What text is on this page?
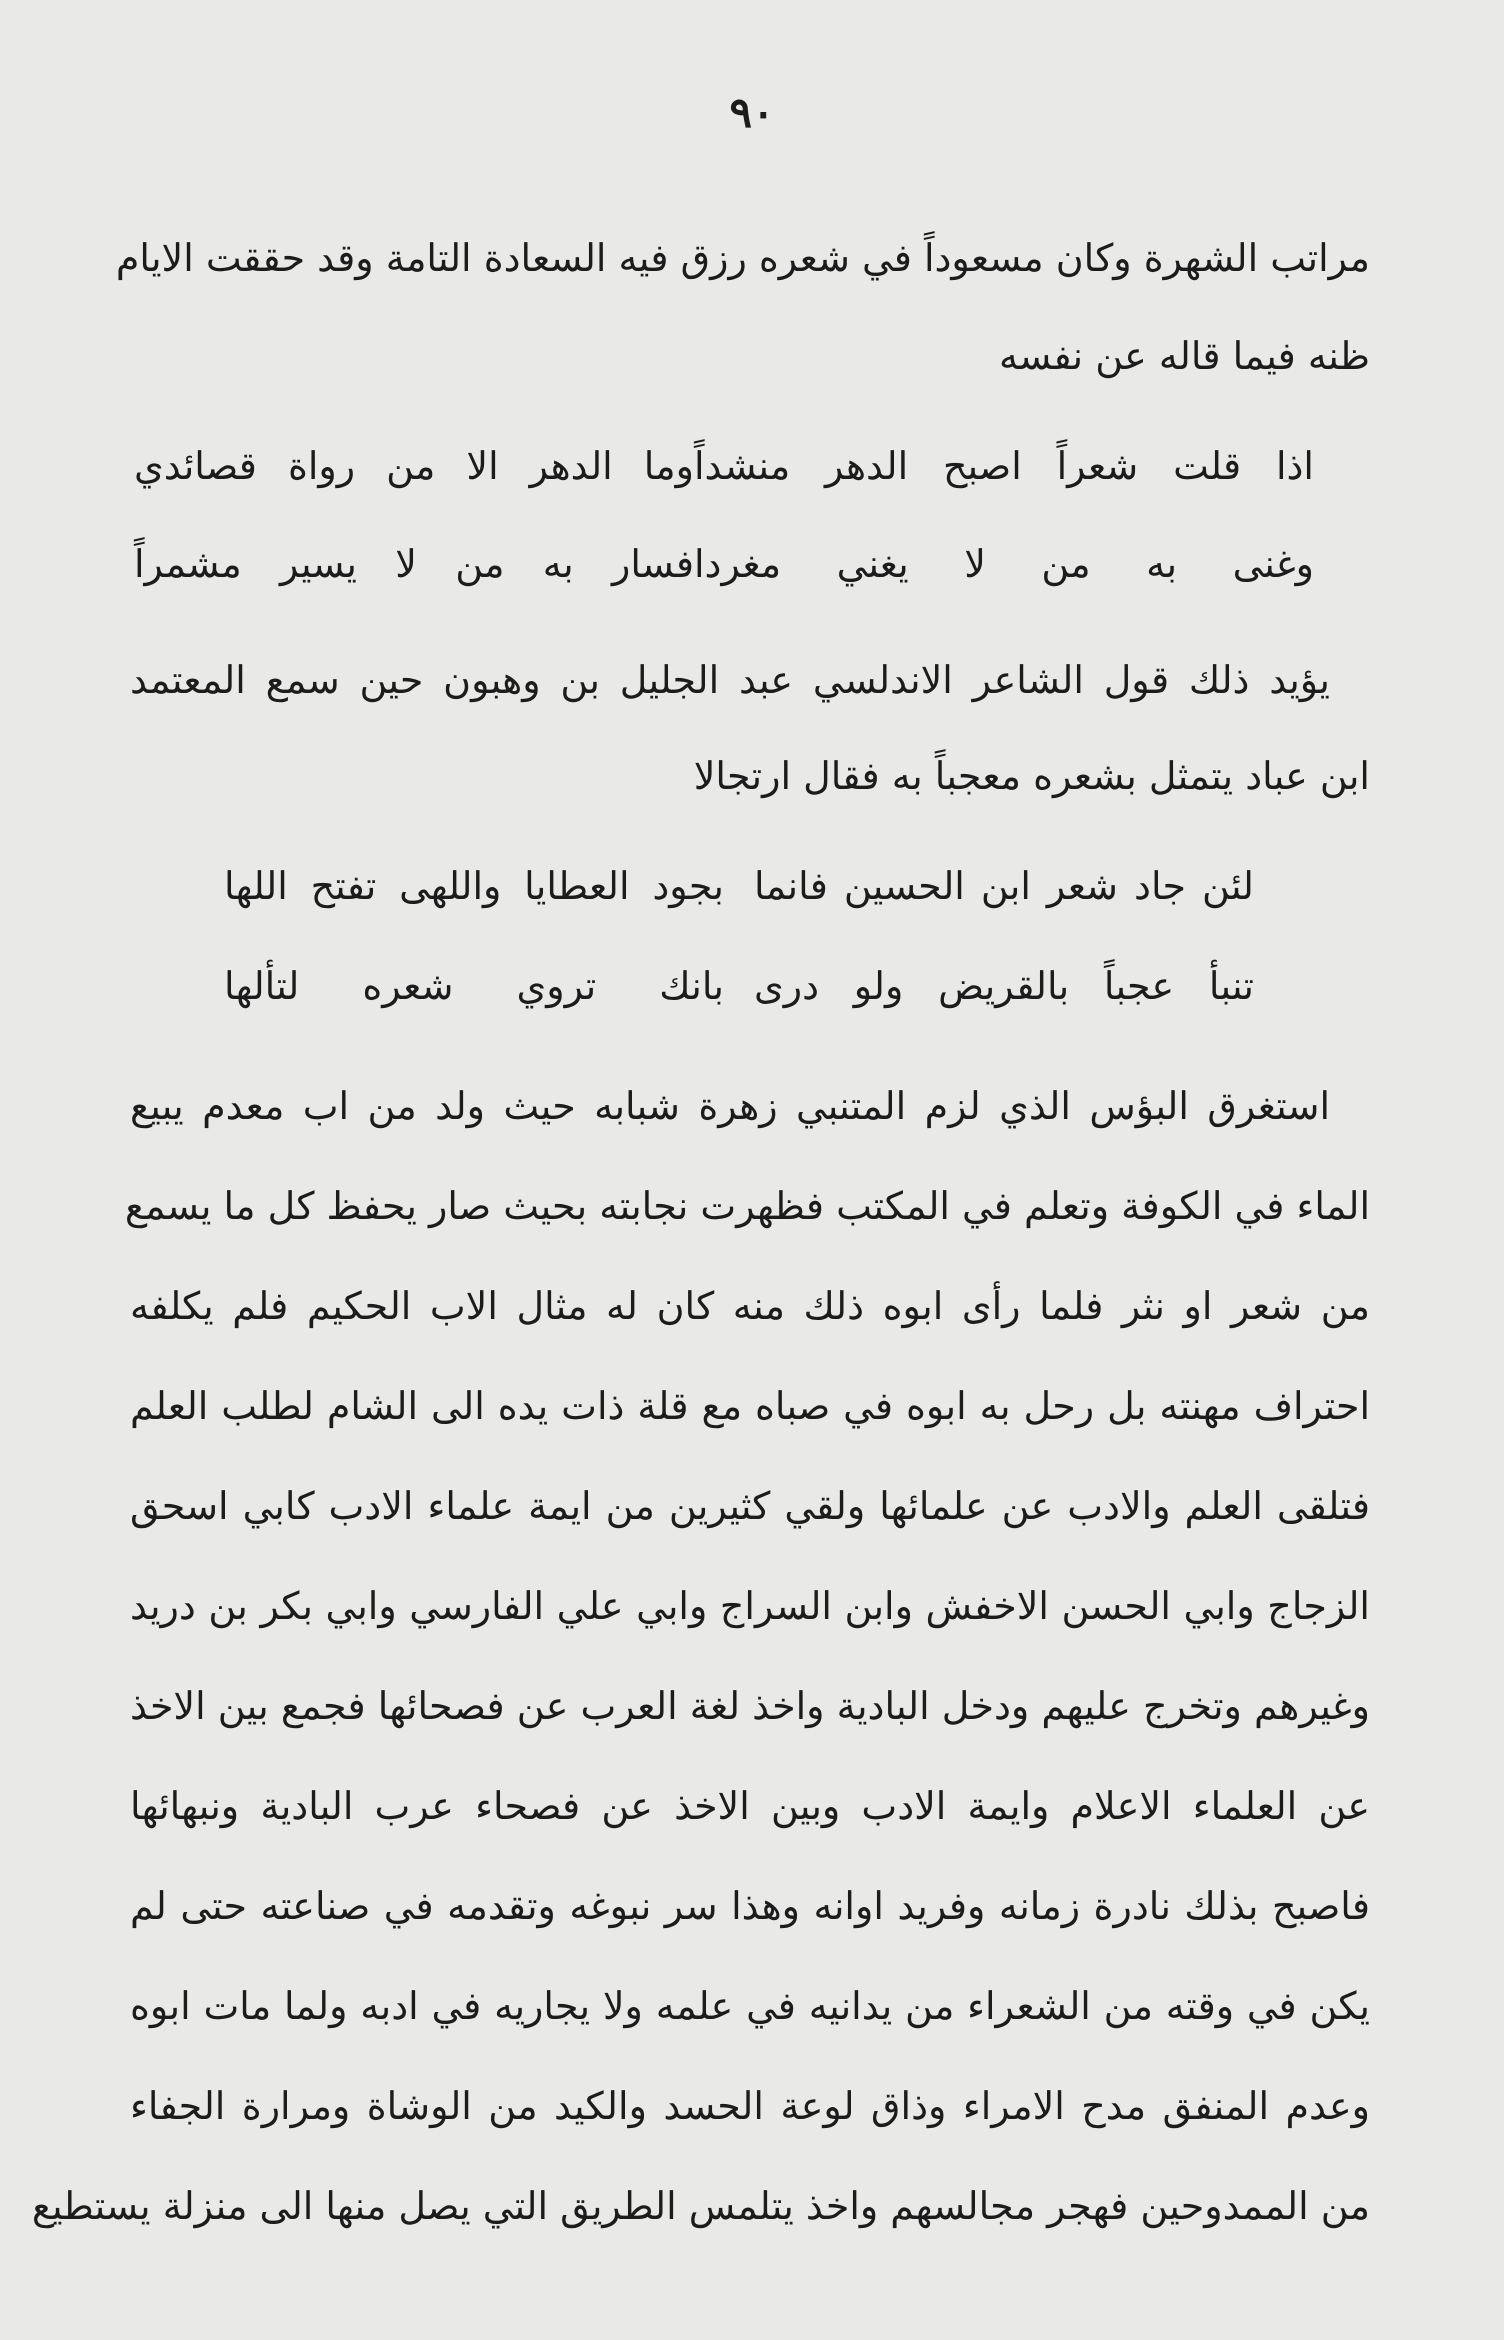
٩٠
مراتب الشهرة وكان مسعوداً في شعره رزق فيه السعادة التامة وقد حققت الايام
ظنه فيما قاله عن نفسه
اذا قلت شعراً اصبح الدهر منشداً
وما الدهر الا من رواة قصائدي
وغنى به من لا يغني مغردا
فسار به من لا يسير مشمراً
يؤيد ذلك قول الشاعر الاندلسي عبد الجليل بن وهبون حين سمع المعتمد
ابن عباد يتمثل بشعره معجباً به فقال ارتجالا
لئن جاد شعر ابن الحسين فانما
بجود العطايا واللهى تفتح اللها
تنبأ عجباً بالقريض ولو درى
بانك تروي شعره لتألها
استغرق البؤس الذي لزم المتنبي زهرة شبابه حيث ولد من اب معدم يبيع
الماء في الكوفة وتعلم في المكتب فظهرت نجابته بحيث صار يحفظ كل ما يسمع
من شعر او نثر فلما رأى ابوه ذلك منه كان له مثال الاب الحكيم فلم يكلفه
احتراف مهنته بل رحل به ابوه في صباه مع قلة ذات يده الى الشام لطلب العلم
فتلقى العلم والادب عن علمائها ولقي كثيرين من ايمة علماء الادب كابي اسحق
الزجاج وابي الحسن الاخفش وابن السراج وابي علي الفارسي وابي بكر بن دريد
وغيرهم وتخرج عليهم ودخل البادية واخذ لغة العرب عن فصحائها فجمع بين الاخذ
عن العلماء الاعلام وايمة الادب وبين الاخذ عن فصحاء عرب البادية ونبهائها
فاصبح بذلك نادرة زمانه وفريد اوانه وهذا سر نبوغه وتقدمه في صناعته حتى لم
يكن في وقته من الشعراء من يدانيه في علمه ولا يجاريه في ادبه ولما مات ابوه
وعدم المنفق مدح الامراء وذاق لوعة الحسد والكيد من الوشاة ومرارة الجفاء
من الممدوحين فهجر مجالسهم واخذ يتلمس الطريق التي يصل منها الى منزلة يستطيع
